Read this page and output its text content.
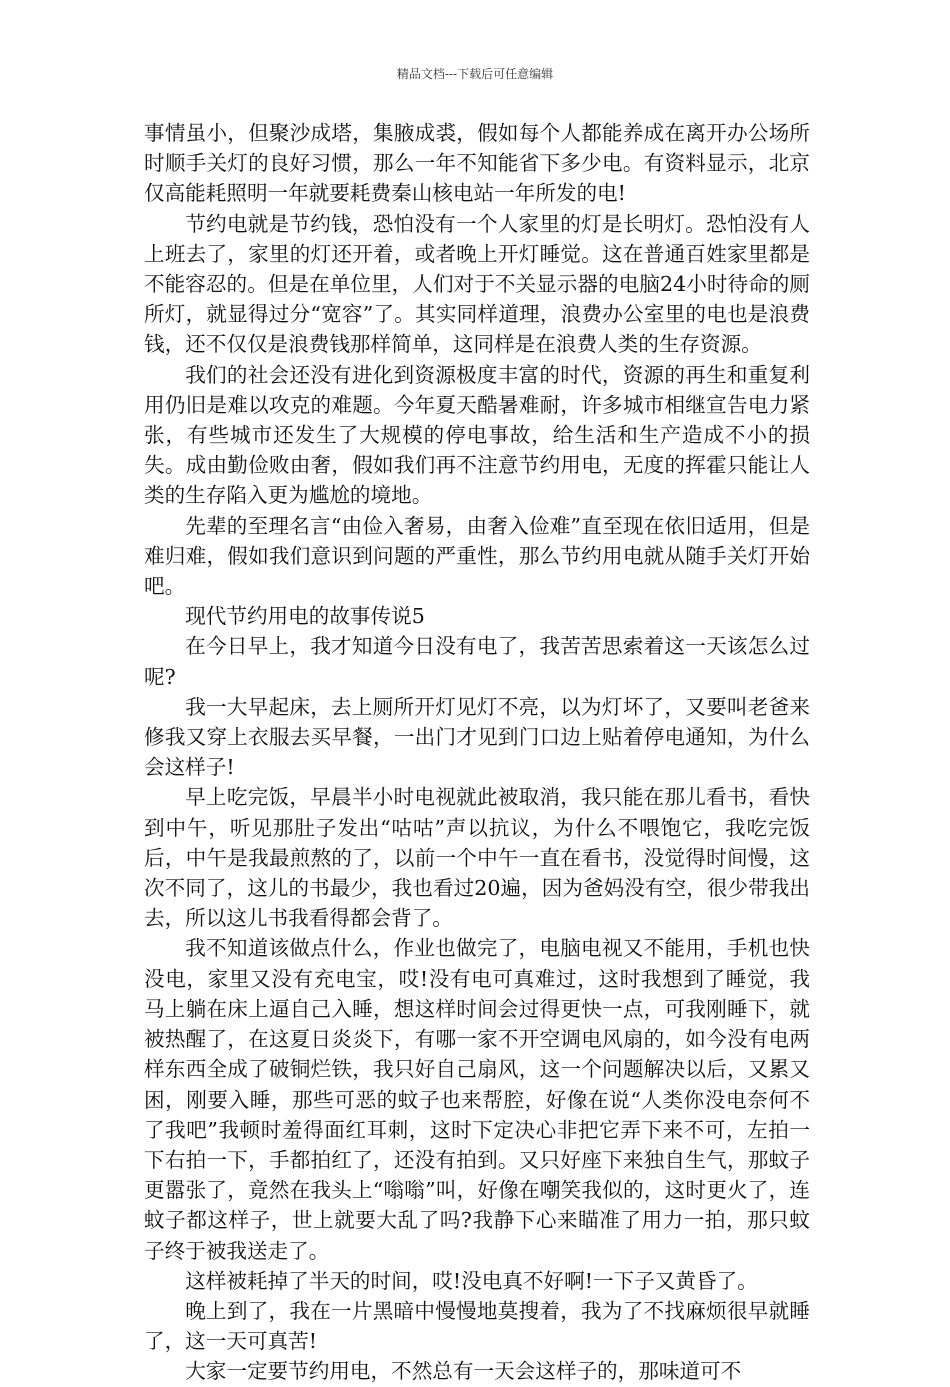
精品文档---下载后可任意编辑

事情虽小，但聚沙成塔，集腋成裘，假如每个人都能养成在离开办公场所时顺手关灯的良好习惯，那么一年不知能省下多少电。有资料显示，北京仅高能耗照明一年就要耗费秦山核电站一年所发的电!

节约电就是节约钱，恐怕没有一个人家里的灯是长明灯。恐怕没有人上班去了，家里的灯还开着，或者晚上开灯睡觉。这在普通百姓家里都是不能容忍的。但是在单位里，人们对于不关显示器的电脑24小时待命的厕所灯，就显得过分“宽容”了。其实同样道理，浪费办公室里的电也是浪费钱，还不仅仅是浪费钱那样简单，这同样是在浪费人类的生存资源。

我们的社会还没有进化到资源极度丰富的时代，资源的再生和重复利用仍旧是难以攻克的难题。今年夏天酷暑难耐，许多城市相继宣告电力紧张，有些城市还发生了大规模的停电事故，给生活和生产造成不小的损失。成由勤俭败由奢，假如我们再不注意节约用电，无度的挥霍只能让人类的生存陷入更为尴尬的境地。

先辈的至理名言“由俭入奢易，由奢入俭难”直至现在依旧适用，但是难归难，假如我们意识到问题的严重性，那么节约用电就从随手关灯开始吧。

现代节约用电的故事传说5

在今日早上，我才知道今日没有电了，我苦苦思索着这一天该怎么过呢?

我一大早起床，去上厕所开灯见灯不亮，以为灯坏了，又要叫老爸来修我又穿上衣服去买早餐，一出门才见到门口边上贴着停电通知，为什么会这样子!

早上吃完饭，早晨半小时电视就此被取消，我只能在那儿看书，看快到中午，听见那肚子发出“咕咕”声以抗议，为什么不喂饱它，我吃完饭后，中午是我最煎熬的了，以前一个中午一直在看书，没觉得时间慢，这次不同了，这儿的书最少，我也看过20遍，因为爸妈没有空，很少带我出去，所以这儿书我看得都会背了。

我不知道该做点什么，作业也做完了，电脑电视又不能用，手机也快没电，家里又没有充电宝，哎!没有电可真难过，这时我想到了睡觉，我马上躺在床上逼自己入睡，想这样时间会过得更快一点，可我刚睡下，就被热醒了，在这夏日炎炎下，有哪一家不开空调电风扇的，如今没有电两样东西全成了破铜烂铁，我只好自己扇风，这一个问题解决以后，又累又困，刚要入睡，那些可恶的蚊子也来帮腔，好像在说“人类你没电奈何不了我吧”我顿时羞得面红耳刺，这时下定决心非把它弄下来不可，左拍一下右拍一下，手都拍红了，还没有拍到。又只好座下来独自生气，那蚊子更嚣张了，竟然在我头上“嗡嗡”叫，好像在嘲笑我似的，这时更火了，连蚊子都这样子，世上就要大乱了吗?我静下心来瞄准了用力一拍，那只蚊子终于被我送走了。

这样被耗掉了半天的时间，哎!没电真不好啊!一下子又黄昏了。

晚上到了，我在一片黑暗中慢慢地莫搜着，我为了不找麻烦很早就睡了，这一天可真苦!

大家一定要节约用电，不然总有一天会这样子的，那味道可不
